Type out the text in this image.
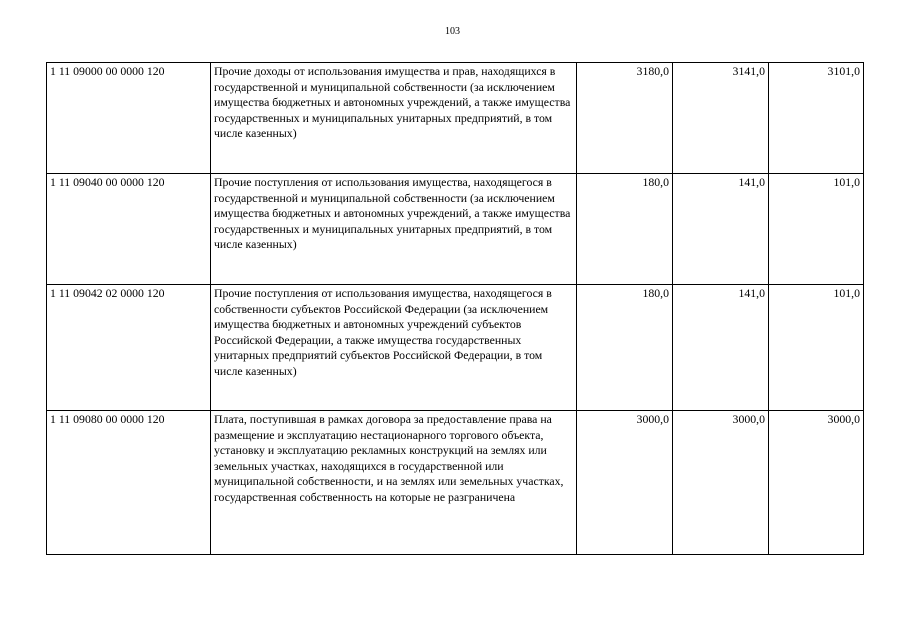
103
1 11 09000 00 0000 120	Прочие доходы от использования имущества и прав, находящихся в государственной и муниципальной собственности (за исключением имущества бюджетных и автономных учреждений, а также имущества государственных и муниципальных унитарных предприятий, в том числе казенных)	3180,0	3141,0	3101,0
1 11 09040 00 0000 120	Прочие поступления от использования имущества, находящегося в государственной и муниципальной собственности (за исключением имущества бюджетных и автономных учреждений, а также имущества государственных и муниципальных унитарных предприятий, в том числе казенных)	180,0	141,0	101,0
1 11 09042 02 0000 120	Прочие поступления от использования имущества, находящегося в собственности субъектов Российской Федерации (за исключением имущества бюджетных и автономных учреждений субъектов Российской Федерации, а также имущества государственных унитарных предприятий субъектов Российской Федерации, в том числе казенных)	180,0	141,0	101,0
1 11 09080 00 0000 120	Плата, поступившая в рамках договора за предоставление права на размещение и эксплуатацию нестационарного торгового объекта, установку и эксплуатацию рекламных конструкций на землях или земельных участках, находящихся в государственной или муниципальной собственности, и на землях или земельных участках, государственная собственность на которые не разграничена	3000,0	3000,0	3000,0
